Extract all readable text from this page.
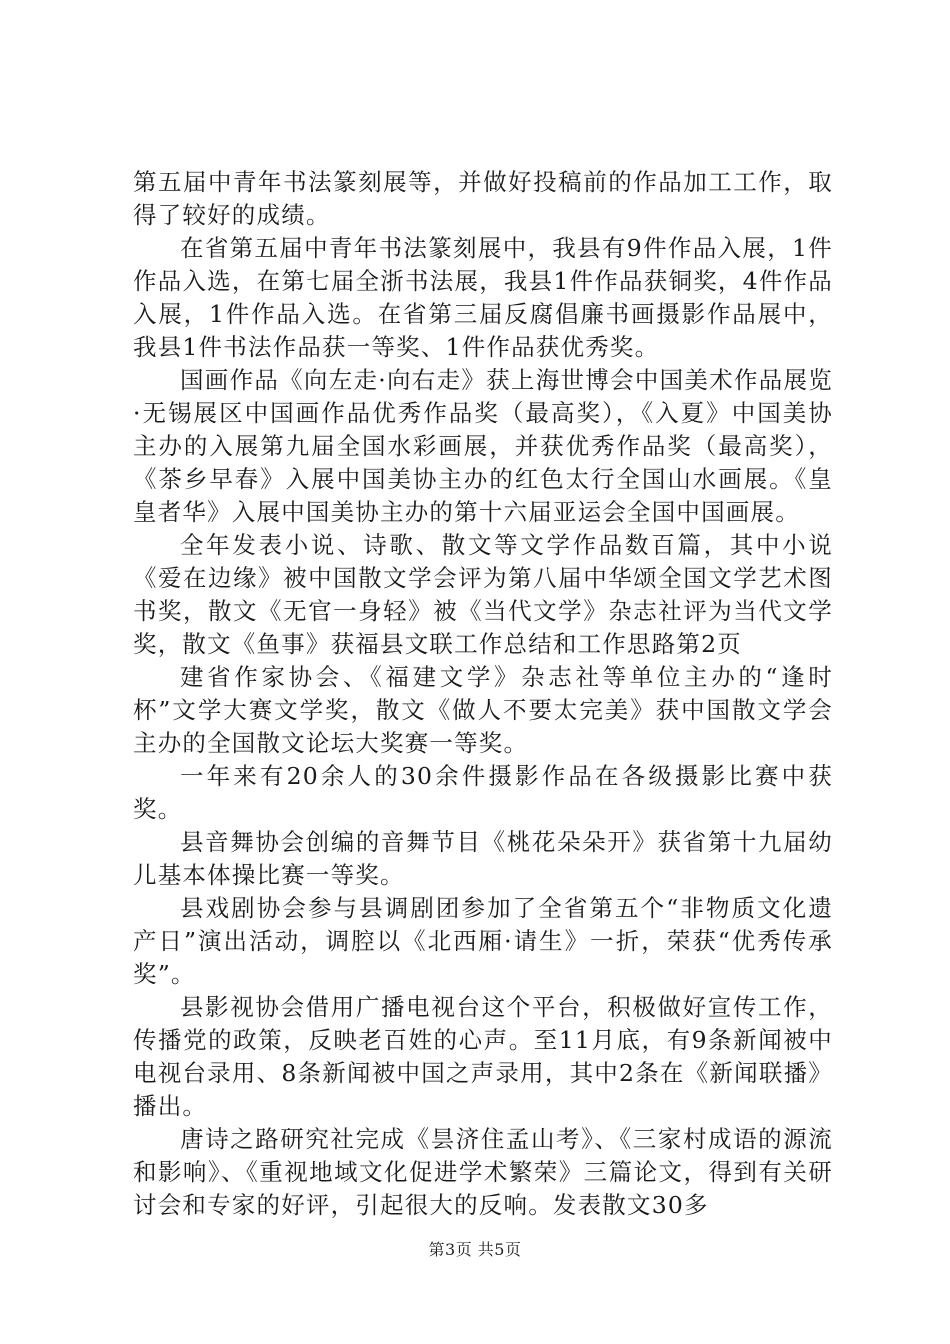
第五届中青年书法篆刻展等，并做好投稿前的作品加工工作，取得了较好的成绩。

在省第五届中青年书法篆刻展中，我县有9件作品入展，1件作品入选，在第七届全浙书法展，我县1件作品获铜奖，4件作品入展，1件作品入选。在省第三届反腐倡廉书画摄影作品展中，我县1件书法作品获一等奖、1件作品获优秀奖。

国画作品《向左走·向右走》获上海世博会中国美术作品展览·无锡展区中国画作品优秀作品奖（最高奖），《入夏》中国美协主办的入展第九届全国水彩画展，并获优秀作品奖（最高奖），《茶乡早春》入展中国美协主办的红色太行全国山水画展。《皇皇者华》入展中国美协主办的第十六届亚运会全国中国画展。

全年发表小说、诗歌、散文等文学作品数百篇，其中小说《爱在边缘》被中国散文学会评为第八届中华颂全国文学艺术图书奖，散文《无官一身轻》被《当代文学》杂志社评为当代文学奖，散文《鱼事》获福县文联工作总结和工作思路第2页

建省作家协会、《福建文学》杂志社等单位主办的“逢时杯”文学大赛文学奖，散文《做人不要太完美》获中国散文学会主办的全国散文论坛大奖赛一等奖。

一年来有20余人的30余件摄影作品在各级摄影比赛中获奖。

县音舞协会创编的音舞节目《桃花朵朵开》获省第十九届幼儿基本体操比赛一等奖。

县戏剧协会参与县调剧团参加了全省第五个“非物质文化遗产日”演出活动，调腔以《北西厢·请生》一折，荣获“优秀传承奖”。

县影视协会借用广播电视台这个平台，积极做好宣传工作，传播党的政策，反映老百姓的心声。至11月底，有9条新闻被中电视台录用、8条新闻被中国之声录用，其中2条在《新闻联播》播出。

唐诗之路研究社完成《昙济住孟山考》、《三家村成语的源流和影响》、《重视地域文化促进学术繁荣》三篇论文，得到有关研讨会和专家的好评，引起很大的反响。发表散文30多

第3页 共5页
